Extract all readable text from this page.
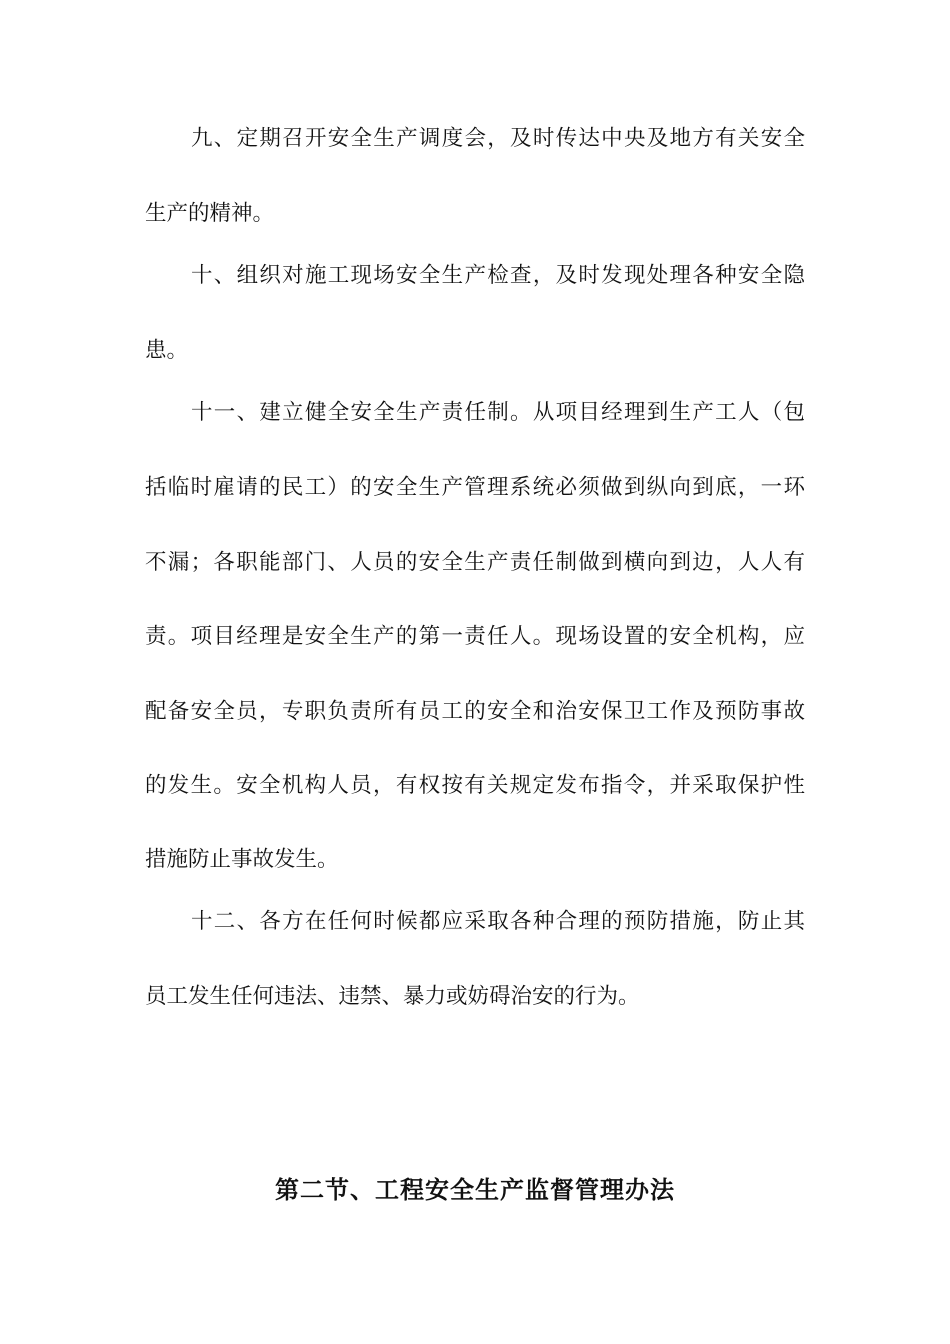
九、定期召开安全生产调度会，及时传达中央及地方有关安全
生产的精神。
十、组织对施工现场安全生产检查，及时发现处理各种安全隐
患。
十一、建立健全安全生产责任制。从项目经理到生产工人（包
括临时雇请的民工）的安全生产管理系统必须做到纵向到底，一环
不漏；各职能部门、人员的安全生产责任制做到横向到边，人人有
责。项目经理是安全生产的第一责任人。现场设置的安全机构，应
配备安全员，专职负责所有员工的安全和治安保卫工作及预防事故
的发生。安全机构人员，有权按有关规定发布指令，并采取保护性
措施防止事故发生。
十二、各方在任何时候都应采取各种合理的预防措施，防止其
员工发生任何违法、违禁、暴力或妨碍治安的行为。
第二节、工程安全生产监督管理办法
